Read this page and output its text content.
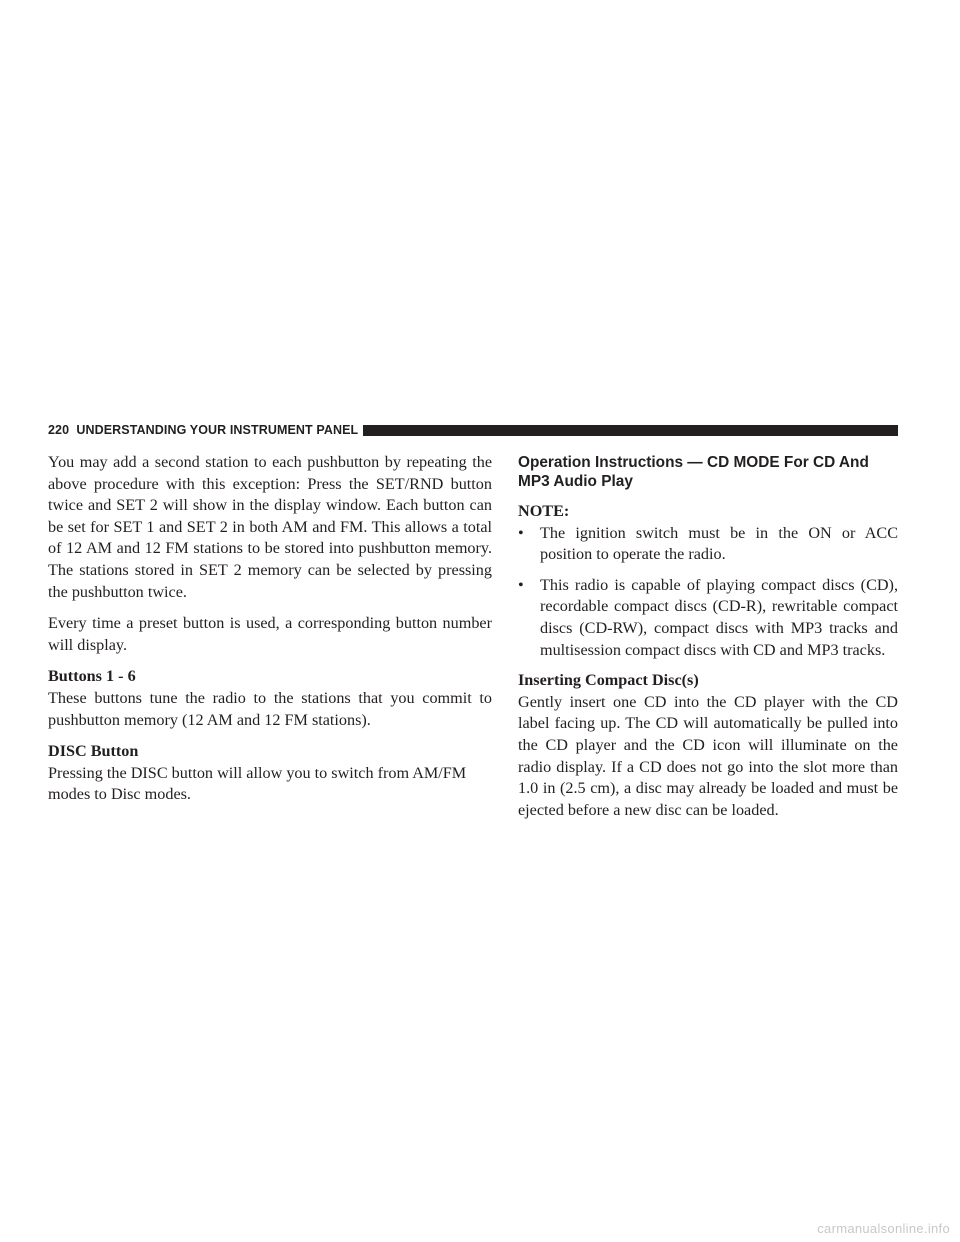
220
UNDERSTANDING YOUR INSTRUMENT PANEL

You may add a second station to each pushbutton by repeating the above procedure with this exception: Press the SET/RND button twice and SET 2 will show in the display window. Each button can be set for SET 1 and SET 2 in both AM and FM. This allows a total of 12 AM and 12 FM stations to be stored into pushbutton memory. The stations stored in SET 2 memory can be selected by pressing the pushbutton twice.

Every time a preset button is used, a corresponding button number will display.

Buttons 1 - 6

These buttons tune the radio to the stations that you commit to pushbutton memory (12 AM and 12 FM stations).

DISC Button

Pressing the DISC button will allow you to switch from AM/FM modes to Disc modes.

Operation Instructions — CD MODE For CD And MP3 Audio Play
NOTE:
• The ignition switch must be in the ON or ACC position to operate the radio.
• This radio is capable of playing compact discs (CD), recordable compact discs (CD-R), rewritable compact discs (CD-RW), compact discs with MP3 tracks and multisession compact discs with CD and MP3 tracks.
Inserting Compact Disc(s)

Gently insert one CD into the CD player with the CD label facing up. The CD will automatically be pulled into the CD player and the CD icon will illuminate on the radio display. If a CD does not go into the slot more than 1.0 in (2.5 cm), a disc may already be loaded and must be ejected before a new disc can be loaded.

carmanualsonline.info
